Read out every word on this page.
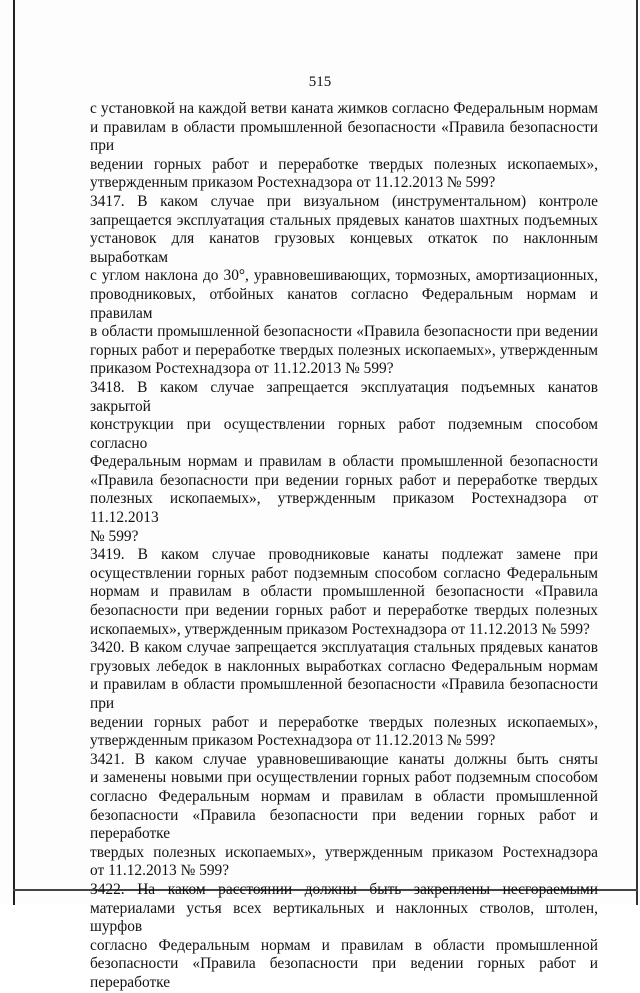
515

с установкой на каждой ветви каната жимков согласно Федеральным нормам

и правилам в области промышленной безопасности «Правила безопасности при

ведении горных работ и переработке твердых полезных ископаемых»,

утвержденным приказом Ростехнадзора от 11.12.2013 № 599?

3417. В каком случае при визуальном (инструментальном) контроле

запрещается эксплуатация стальных прядевых канатов шахтных подъемных

установок для канатов грузовых концевых откаток по наклонным выработкам

с углом наклона до 30°, уравновешивающих, тормозных, амортизационных,

проводниковых, отбойных канатов согласно Федеральным нормам и правилам

в области промышленной безопасности «Правила безопасности при ведении

горных работ и переработке твердых полезных ископаемых», утвержденным

приказом Ростехнадзора от 11.12.2013 № 599?

3418. В каком случае запрещается эксплуатация подъемных канатов закрытой

конструкции при осуществлении горных работ подземным способом согласно

Федеральным нормам и правилам в области промышленной безопасности

«Правила безопасности при ведении горных работ и переработке твердых

полезных ископаемых», утвержденным приказом Ростехнадзора от 11.12.2013

№ 599?

3419. В каком случае проводниковые канаты подлежат замене при

осуществлении горных работ подземным способом согласно Федеральным

нормам и правилам в области промышленной безопасности «Правила

безопасности при ведении горных работ и переработке твердых полезных

ископаемых», утвержденным приказом Ростехнадзора от 11.12.2013 № 599?

3420. В каком случае запрещается эксплуатация стальных прядевых канатов

грузовых лебедок в наклонных выработках согласно Федеральным нормам

и правилам в области промышленной безопасности «Правила безопасности при

ведении горных работ и переработке твердых полезных ископаемых»,

утвержденным приказом Ростехнадзора от 11.12.2013 № 599?

3421. В каком случае уравновешивающие канаты должны быть сняты

и заменены новыми при осуществлении горных работ подземным способом

согласно Федеральным нормам и правилам в области промышленной

безопасности «Правила безопасности при ведении горных работ и переработке

твердых полезных ископаемых», утвержденным приказом Ростехнадзора

от 11.12.2013 № 599?

3422. На каком расстоянии должны быть закреплены несгораемыми

материалами устья всех вертикальных и наклонных стволов, штолен, шурфов

согласно Федеральным нормам и правилам в области промышленной

безопасности «Правила безопасности при ведении горных работ и переработке
